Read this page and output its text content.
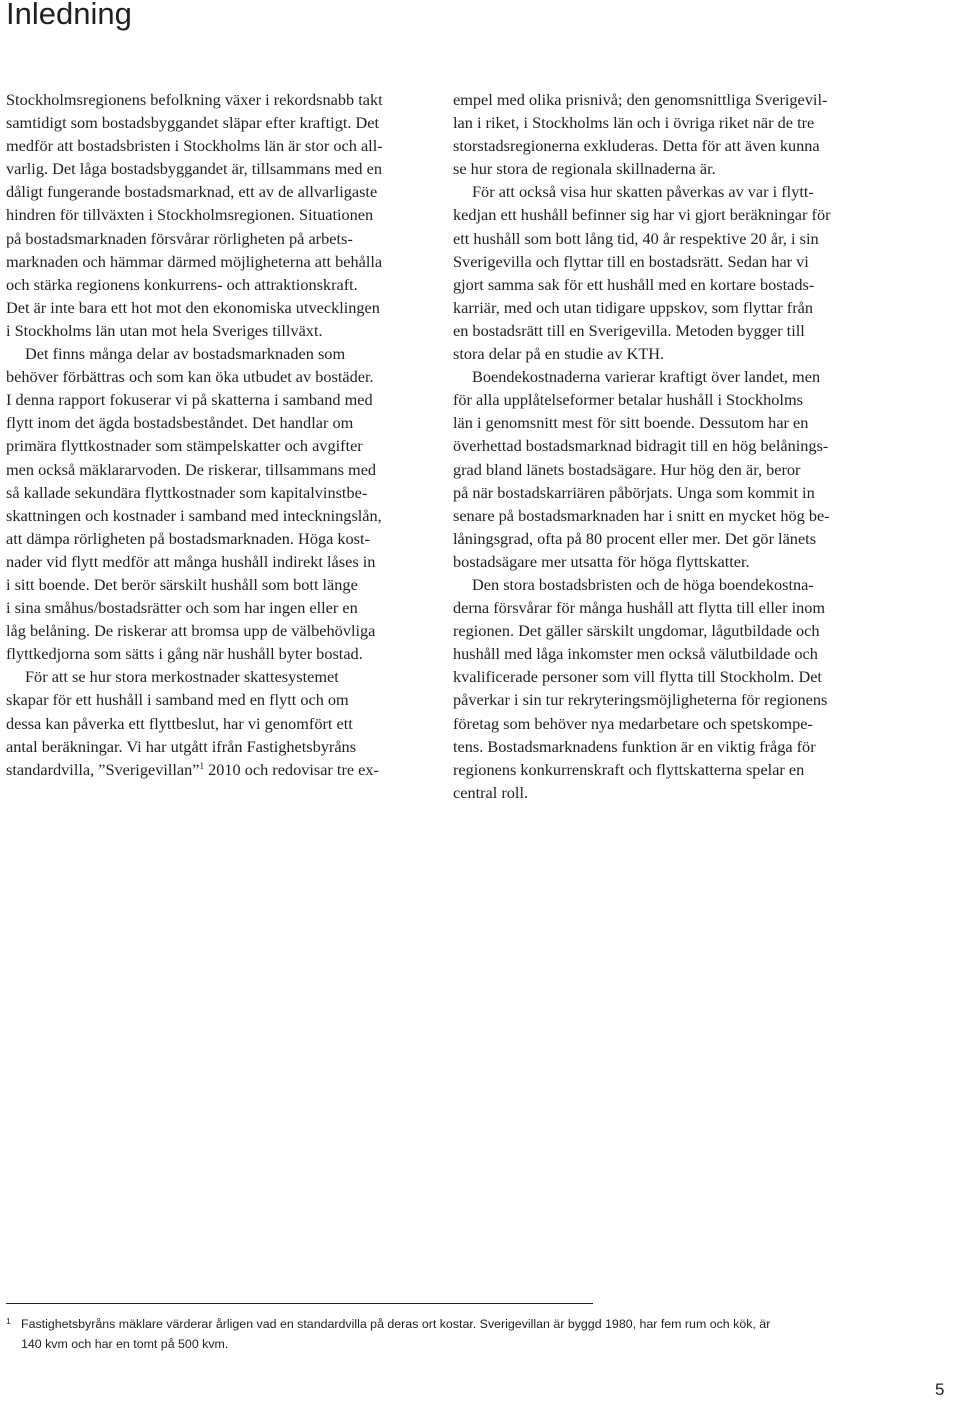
Inledning
Stockholmsregionens befolkning växer i rekordsnabb takt
samtidigt som bostadsbyggandet släpar efter kraftigt. Det
medför att bostadsbristen i Stockholms län är stor och all-
varlig. Det låga bostadsbyggandet är, tillsammans med en
dåligt fungerande bostadsmarknad, ett av de allvarligaste
hindren för tillväxten i Stockholmsregionen. Situationen
på bostadsmarknaden försvårar rörligheten på arbets-
marknaden och hämmar därmed möjligheterna att behålla
och stärka regionens konkurrens- och attraktionskraft.
Det är inte bara ett hot mot den ekonomiska utvecklingen
i Stockholms län utan mot hela Sveriges tillväxt.
Det finns många delar av bostadsmarknaden som
behöver förbättras och som kan öka utbudet av bostäder.
I denna rapport fokuserar vi på skatterna i samband med
flytt inom det ägda bostadsbeståndet. Det handlar om
primära flyttkostnader som stämpelskatter och avgifter
men också mäklararvoden. De riskerar, tillsammans med
så kallade sekundära flyttkostnader som kapitalvinstbe-
skattningen och kostnader i samband med inteckningslån,
att dämpa rörligheten på bostadsmarknaden. Höga kost-
nader vid flytt medför att många hushåll indirekt låses in
i sitt boende. Det berör särskilt hushåll som bott länge
i sina småhus/bostadsrätter och som har ingen eller en
låg belåning. De riskerar att bromsa upp de välbehövliga
flyttkedjorna som sätts i gång när hushåll byter bostad.
För att se hur stora merkostnader skattesystemet
skapar för ett hushåll i samband med en flytt och om
dessa kan påverka ett flyttbeslut, har vi genomfört ett
antal beräkningar. Vi har utgått ifrån Fastighetsbyråns
standardvilla, ”Sverigevillan”$^1$ 2010 och redovisar tre ex-
empel med olika prisnivå; den genomsnittliga Sverigevil-
lan i riket, i Stockholms län och i övriga riket när de tre
storstadsregionerna exkluderas. Detta för att även kunna
se hur stora de regionala skillnaderna är.
För att också visa hur skatten påverkas av var i flytt-
kedjan ett hushåll befinner sig har vi gjort beräkningar för
ett hushåll som bott lång tid, 40 år respektive 20 år, i sin
Sverigevilla och flyttar till en bostadsrätt. Sedan har vi
gjort samma sak för ett hushåll med en kortare bostads-
karriär, med och utan tidigare uppskov, som flyttar från
en bostadsrätt till en Sverigevilla. Metoden bygger till
stora delar på en studie av KTH.
Boendekostnaderna varierar kraftigt över landet, men
för alla upplåtelseformer betalar hushåll i Stockholms
län i genomsnitt mest för sitt boende. Dessutom har en
överhettad bostadsmarknad bidragit till en hög belånings-
grad bland länets bostadsägare. Hur hög den är, beror
på när bostadskarriären påbörjats. Unga som kommit in
senare på bostadsmarknaden har i snitt en mycket hög be-
låningsgrad, ofta på 80 procent eller mer. Det gör länets
bostadsägare mer utsatta för höga flyttskatter.
Den stora bostadsbristen och de höga boendekostna-
derna försvårar för många hushåll att flytta till eller inom
regionen. Det gäller särskilt ungdomar, lågutbildade och
hushåll med låga inkomster men också välutbildade och
kvalificerade personer som vill flytta till Stockholm. Det
påverkar i sin tur rekryteringsmöjligheterna för regionens
företag som behöver nya medarbetare och spetskompe-
tens. Bostadsmarknadens funktion är en viktig fråga för
regionens konkurrenskraft och flyttskatterna spelar en
central roll.
1 Fastighetsbyråns mäklare värderar årligen vad en standardvilla på deras ort kostar. Sverigevillan är byggd 1980, har fem rum och kök, är
140 kvm och har en tomt på 500 kvm.
5
